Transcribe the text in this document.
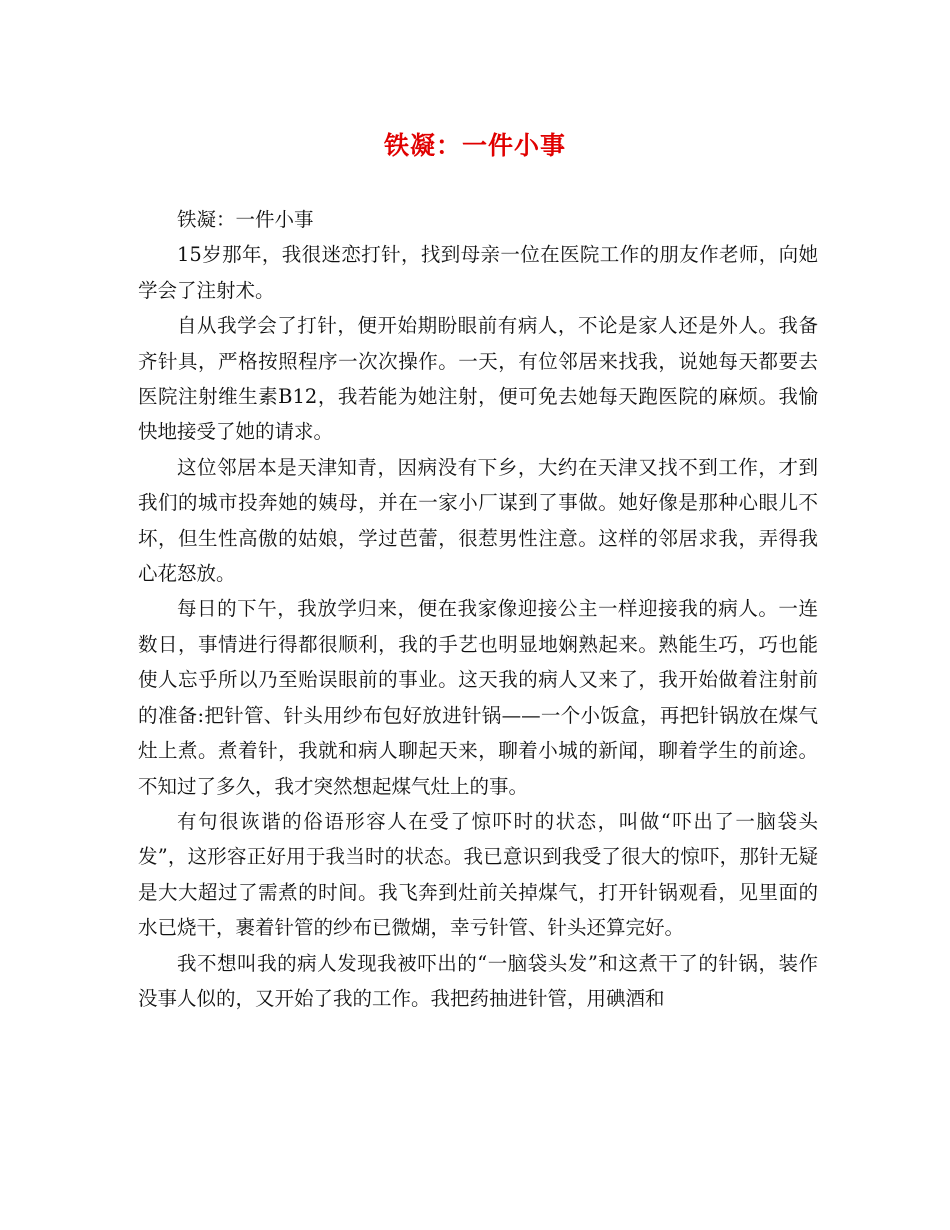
铁凝：一件小事

铁凝：一件小事

15岁那年，我很迷恋打针，找到母亲一位在医院工作的朋友作老师，向她学会了注射术。

自从我学会了打针，便开始期盼眼前有病人，不论是家人还是外人。我备齐针具，严格按照程序一次次操作。一天，有位邻居来找我，说她每天都要去医院注射维生素B12，我若能为她注射，便可免去她每天跑医院的麻烦。我愉快地接受了她的请求。

这位邻居本是天津知青，因病没有下乡，大约在天津又找不到工作，才到我们的城市投奔她的姨母，并在一家小厂谋到了事做。她好像是那种心眼儿不坏，但生性高傲的姑娘，学过芭蕾，很惹男性注意。这样的邻居求我，弄得我心花怒放。

每日的下午，我放学归来，便在我家像迎接公主一样迎接我的病人。一连数日，事情进行得都很顺利，我的手艺也明显地娴熟起来。熟能生巧，巧也能使人忘乎所以乃至贻误眼前的事业。这天我的病人又来了，我开始做着注射前的准备:把针管、针头用纱布包好放进针锅——一个小饭盒，再把针锅放在煤气灶上煮。煮着针，我就和病人聊起天来，聊着小城的新闻，聊着学生的前途。不知过了多久，我才突然想起煤气灶上的事。

有句很诙谐的俗语形容人在受了惊吓时的状态，叫做“吓出了一脑袋头发”，这形容正好用于我当时的状态。我已意识到我受了很大的惊吓，那针无疑是大大超过了需煮的时间。我飞奔到灶前关掉煤气，打开针锅观看，见里面的水已烧干，裹着针管的纱布已微煳，幸亏针管、针头还算完好。

我不想叫我的病人发现我被吓出的“一脑袋头发”和这煮干了的针锅，装作没事人似的，又开始了我的工作。我把药抽进针管，用碘酒和
